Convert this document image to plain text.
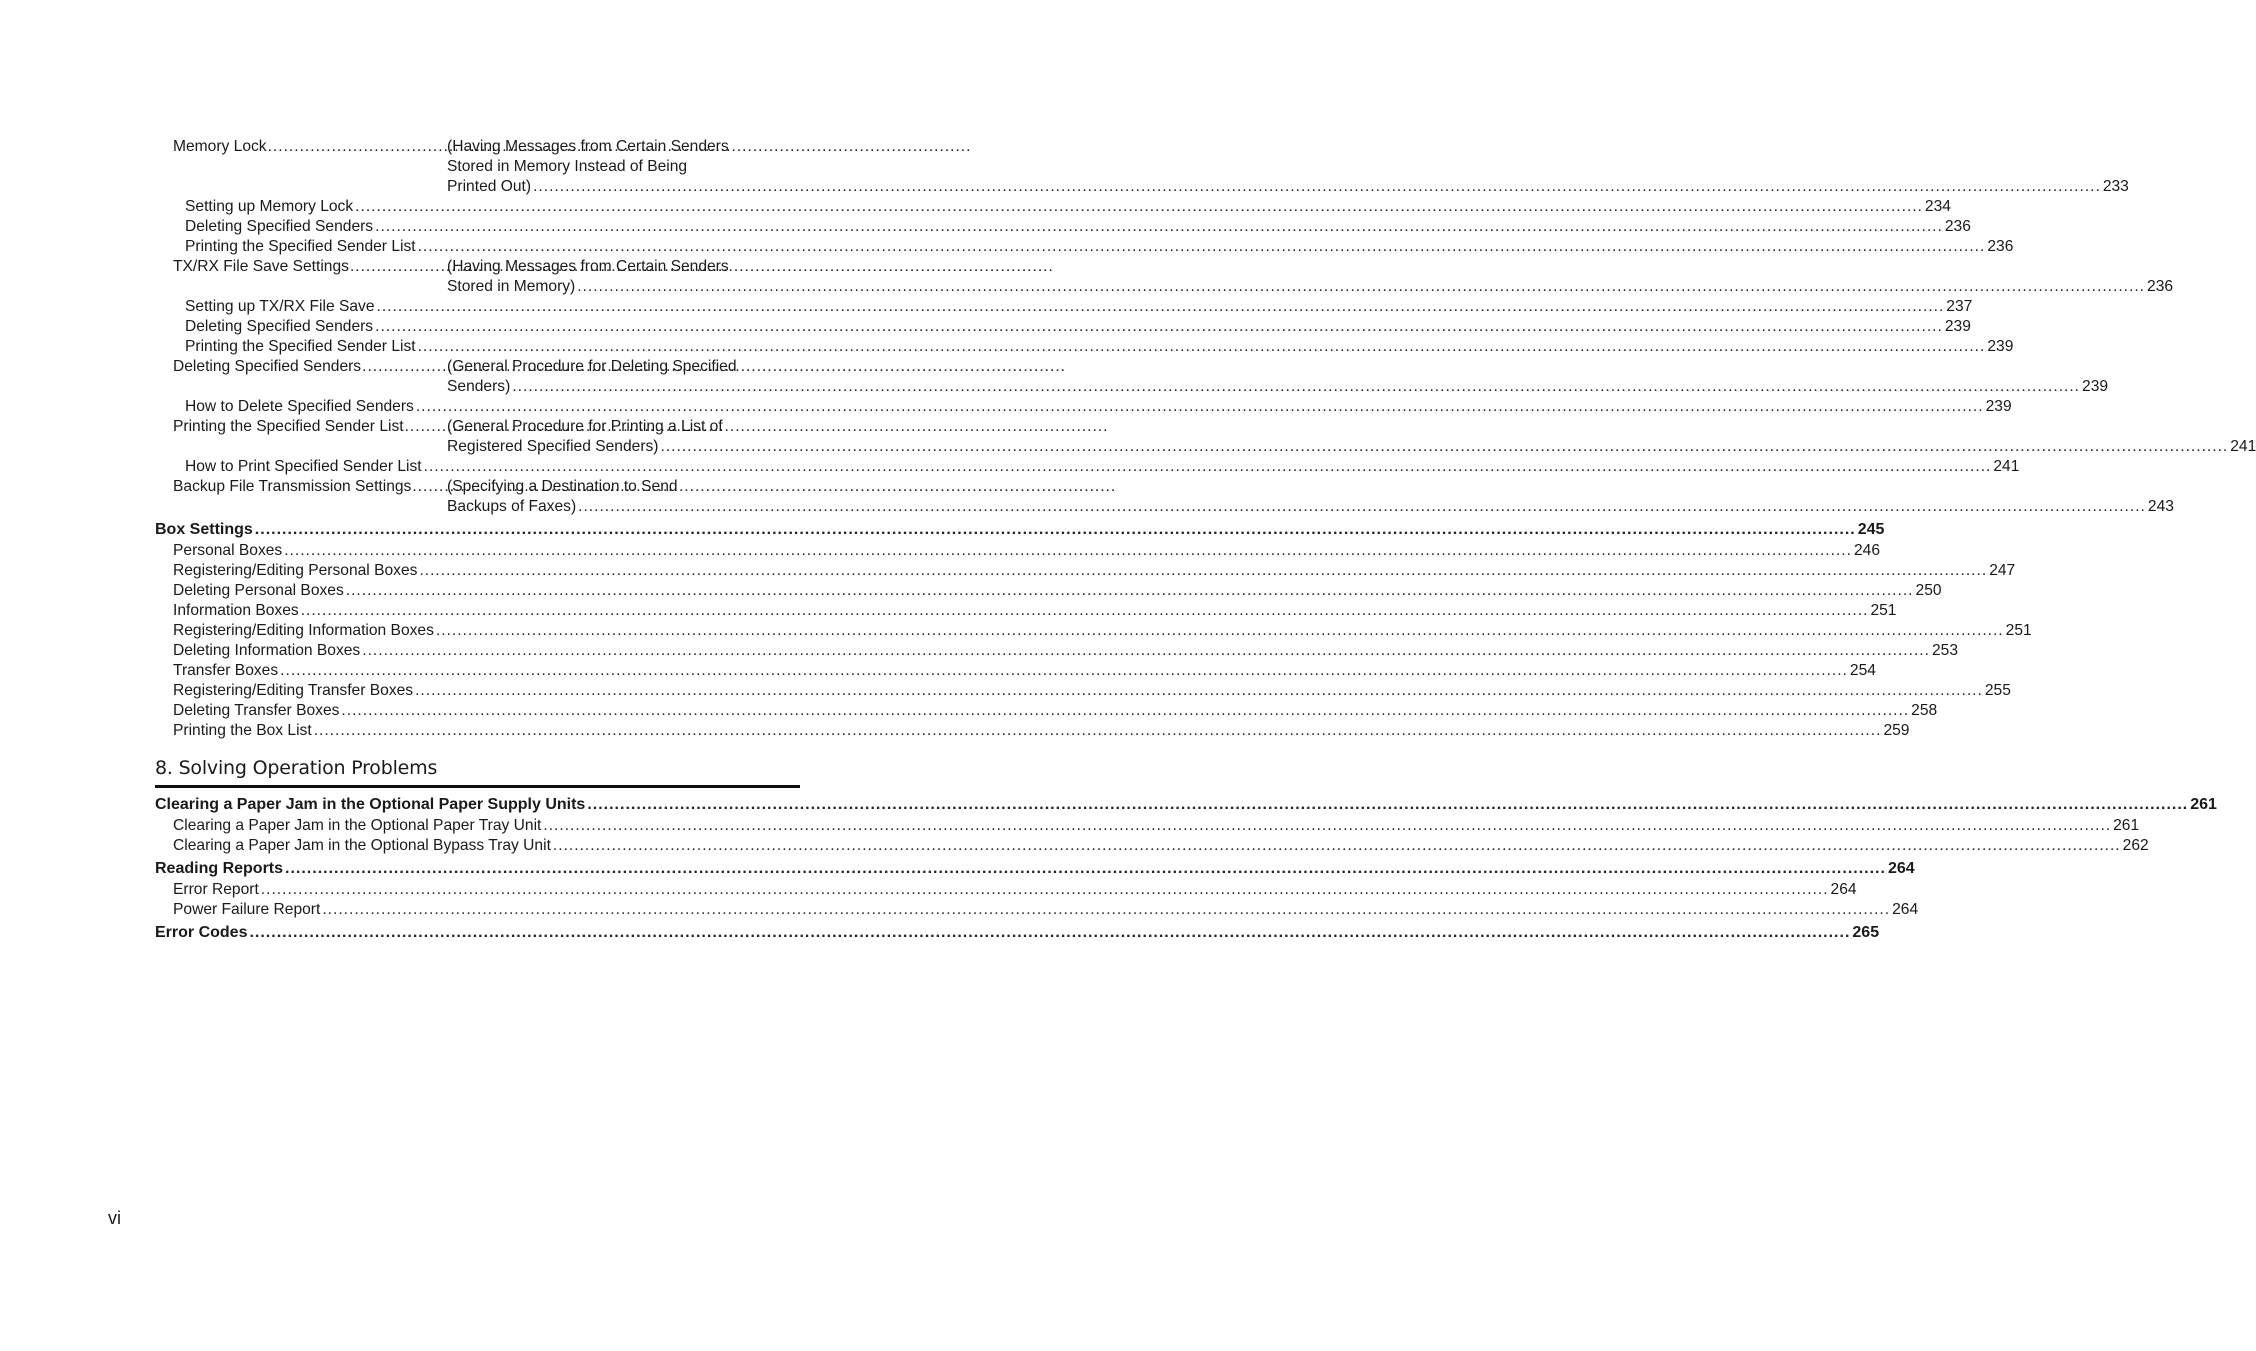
Memory Lock .....	(Having Messages from Certain Senders
Stored in Memory Instead of Being
Printed Out) .....	233
Setting up Memory Lock .....	234
Deleting Specified Senders .....	236
Printing the Specified Sender List .....	236
TX/RX File Save Settings .....	(Having Messages from Certain Senders
Stored in Memory) .....	236
Setting up TX/RX File Save .....	237
Deleting Specified Senders .....	239
Printing the Specified Sender List .....	239
Deleting Specified Senders .....	(General Procedure for Deleting Specified
Senders) .....	239
How to Delete Specified Senders .....	239
Printing the Specified Sender List .....	(General Procedure for Printing a List of
Registered Specified Senders) .....	241
How to Print Specified Sender List .....	241
Backup File Transmission Settings ..... (Specifying a Destination to Send
Backups of Faxes) .....	243
Box Settings .....	245
Personal Boxes .....	246
Registering/Editing Personal Boxes .....	247
Deleting Personal Boxes .....	250
Information Boxes .....	251
Registering/Editing Information Boxes .....	251
Deleting Information Boxes .....	253
Transfer Boxes .....	254
Registering/Editing Transfer Boxes .....	255
Deleting Transfer Boxes .....	258
Printing the Box List .....	259
8. Solving Operation Problems
Clearing a Paper Jam in the Optional Paper Supply Units .....	261
Clearing a Paper Jam in the Optional Paper Tray Unit .....	261
Clearing a Paper Jam in the Optional Bypass Tray Unit .....	262
Reading Reports .....	264
Error Report .....	264
Power Failure Report .....	264
Error Codes .....	265
vi
